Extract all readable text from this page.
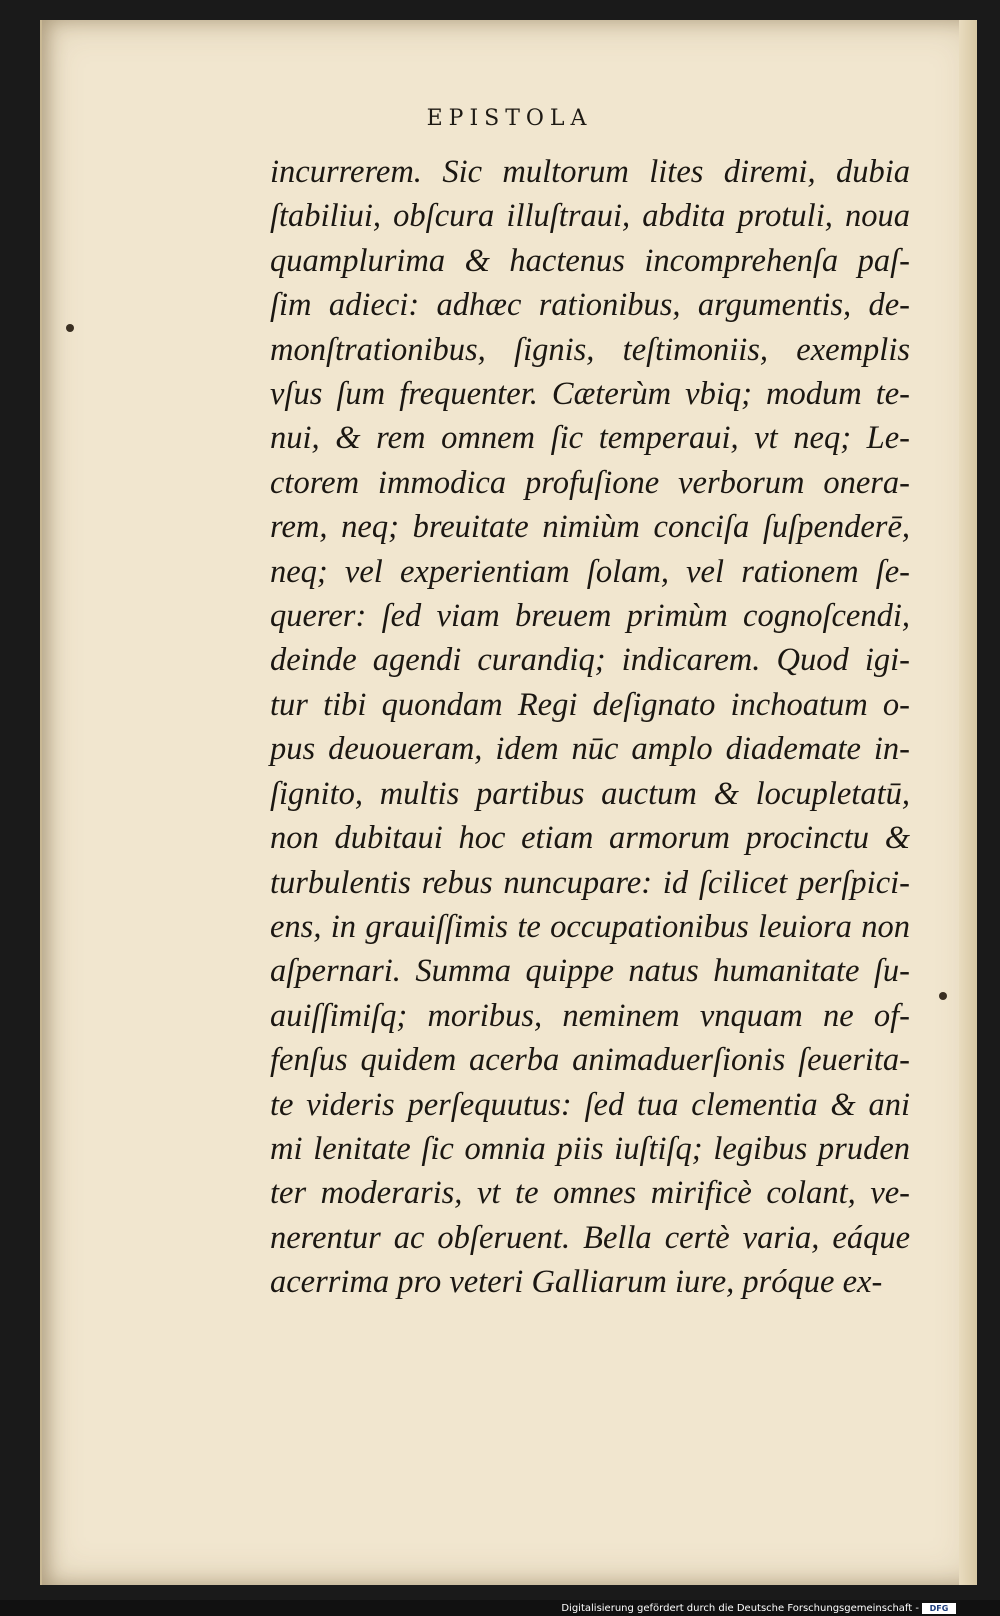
EPISTOLA
incurrerem. Sic multorum lites diremi, dubia
ſtabiliui, obſcura illuſtraui, abdita protuli, noua
quamplurima & hactenus incomprehenſa paſ-
ſim adieci: adhæc rationibus, argumentis, de-
monſtrationibus, ſignis, teſtimoniis, exemplis
vſus ſum frequenter. Cæterùm vbiq; modum te-
nui, & rem omnem ſic temperaui, vt neq; Le-
ctorem immodica profuſione verborum onera-
rem, neq; breuitate nimiùm conciſa ſuſpenderē,
neq; vel experientiam ſolam, vel rationem ſe-
querer: ſed viam breuem primùm cognoſcendi,
deinde agendi curandiq; indicarem. Quod igi-
tur tibi quondam Regi deſignato inchoatum o-
pus deuoueram, idem nūc amplo diademate in-
ſignito, multis partibus auctum & locupletatū,
non dubitaui hoc etiam armorum procinctu &
turbulentis rebus nuncupare: id ſcilicet perſpici-
ens, in grauiſſimis te occupationibus leuiora non
aſpernari. Summa quippe natus humanitate ſu-
auiſſimiſq; moribus, neminem vnquam ne of-
fenſus quidem acerba animaduerſionis ſeuerita-
te videris perſequutus: ſed tua clementia & ani
mi lenitate ſic omnia piis iuſtiſq; legibus pruden
ter moderaris, vt te omnes mirificè colant, ve-
nerentur ac obſeruent. Bella certè varia, eáque
acerrima pro veteri Galliarum iure, próque ex-
Digitalisierung gefördert durch die Deutsche Forschungsgemeinschaft -	DFG
